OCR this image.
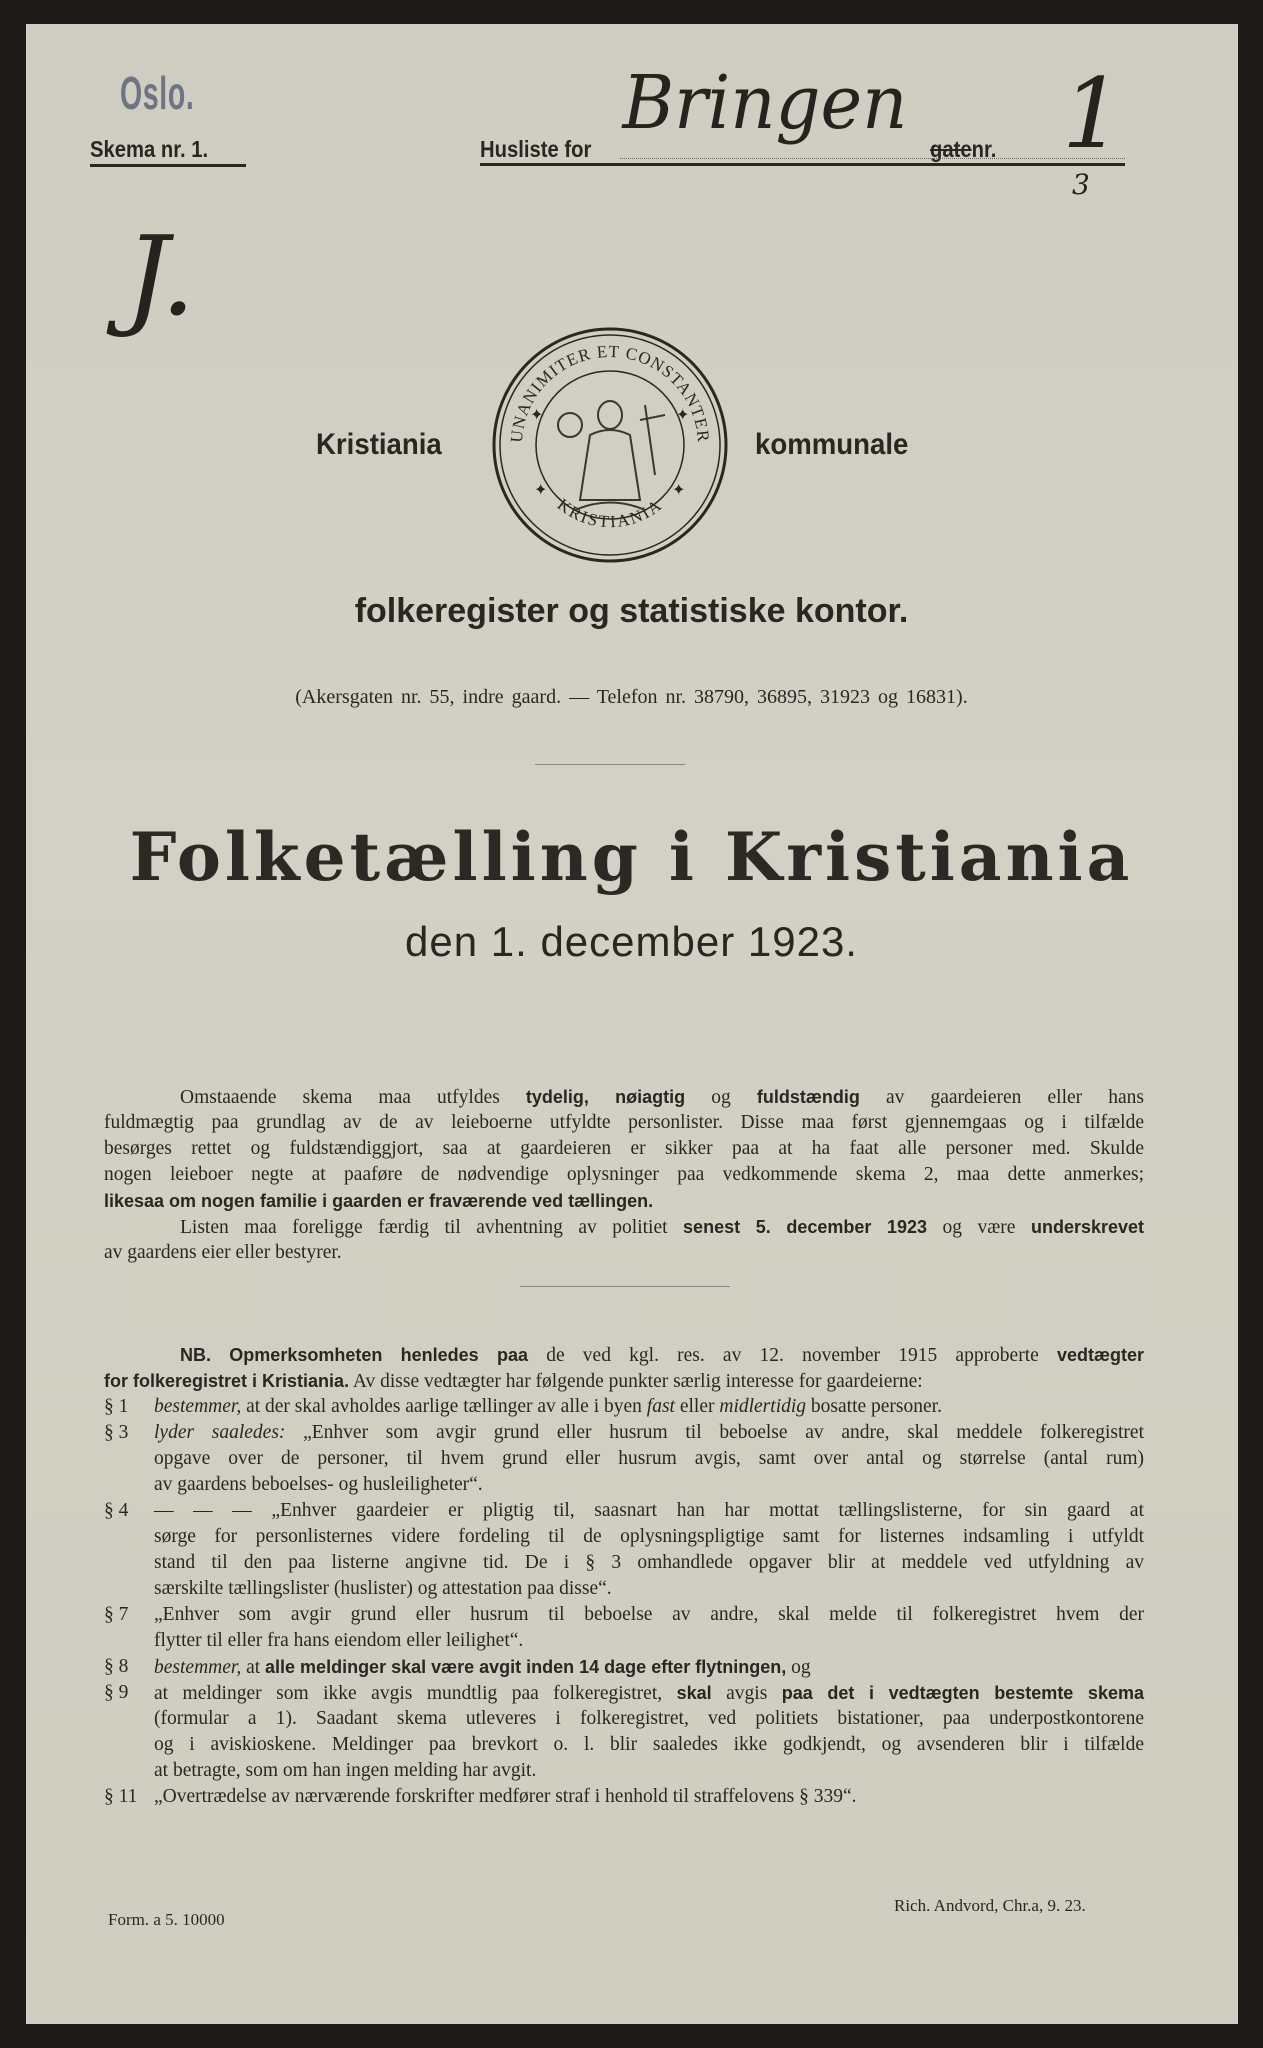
Oslo.
Skema nr. 1.	Husliste for	gatenr.
Bringen 1
3
J.
Kristiania	UNANIMITER ET CONSTANTER
KRISTIANIA
✦	✦
✦	✦
kommunale
folkeregister og statistiske kontor.
(Akersgaten nr. 55, indre gaard. — Telefon nr. 38790, 36895, 31923 og 16831).
Folketælling i Kristiania
den 1. december 1923.
Omstaaende skema maa utfyldes tydelig, nøiagtig og fuldstændig av gaardeieren eller hans
fuldmægtig paa grundlag av de av leieboerne utfyldte personlister. Disse maa først gjennemgaas og i tilfælde
besørges rettet og fuldstændiggjort, saa at gaardeieren er sikker paa at ha faat alle personer med. Skulde
nogen leieboer negte at paaføre de nødvendige oplysninger paa vedkommende skema 2, maa dette anmerkes;
likesaa om nogen familie i gaarden er fraværende ved tællingen.
Listen maa foreligge færdig til avhentning av politiet senest 5. december 1923 og være underskrevet
av gaardens eier eller bestyrer.
NB. Opmerksomheten henledes paa de ved kgl. res. av 12. november 1915 approberte vedtægter
for folkeregistret i Kristiania. Av disse vedtægter har følgende punkter særlig interesse for gaardeierne:
§ 1	bestemmer, at der skal avholdes aarlige tællinger av alle i byen fast eller midlertidig bosatte personer.
§ 3	lyder saaledes: „Enhver som avgir grund eller husrum til beboelse av andre, skal meddele folkeregistret
opgave over de personer, til hvem grund eller husrum avgis, samt over antal og størrelse (antal rum)
av gaardens beboelses- og husleiligheter“.
§ 4	— — — „Enhver gaardeier er pligtig til, saasnart han har mottat tællingslisterne, for sin gaard at
sørge for personlisternes videre fordeling til de oplysningspligtige samt for listernes indsamling i utfyldt
stand til den paa listerne angivne tid. De i § 3 omhandlede opgaver blir at meddele ved utfyldning av
særskilte tællingslister (huslister) og attestation paa disse“.
§ 7	„Enhver som avgir grund eller husrum til beboelse av andre, skal melde til folkeregistret hvem der
flytter til eller fra hans eiendom eller leilighet“.
§ 8	bestemmer, at alle meldinger skal være avgit inden 14 dage efter flytningen, og
§ 9	at meldinger som ikke avgis mundtlig paa folkeregistret, skal avgis paa det i vedtægten bestemte skema
(formular a 1). Saadant skema utleveres i folkeregistret, ved politiets bistationer, paa underpostkontorene
og i aviskioskene. Meldinger paa brevkort o. l. blir saaledes ikke godkjendt, og avsenderen blir i tilfælde
at betragte, som om han ingen melding har avgit.
§ 11 „Overtrædelse av nærværende forskrifter medfører straf i henhold til straffelovens § 339“.
Form. a 5. 10000
Rich. Andvord, Chr.a, 9. 23.
